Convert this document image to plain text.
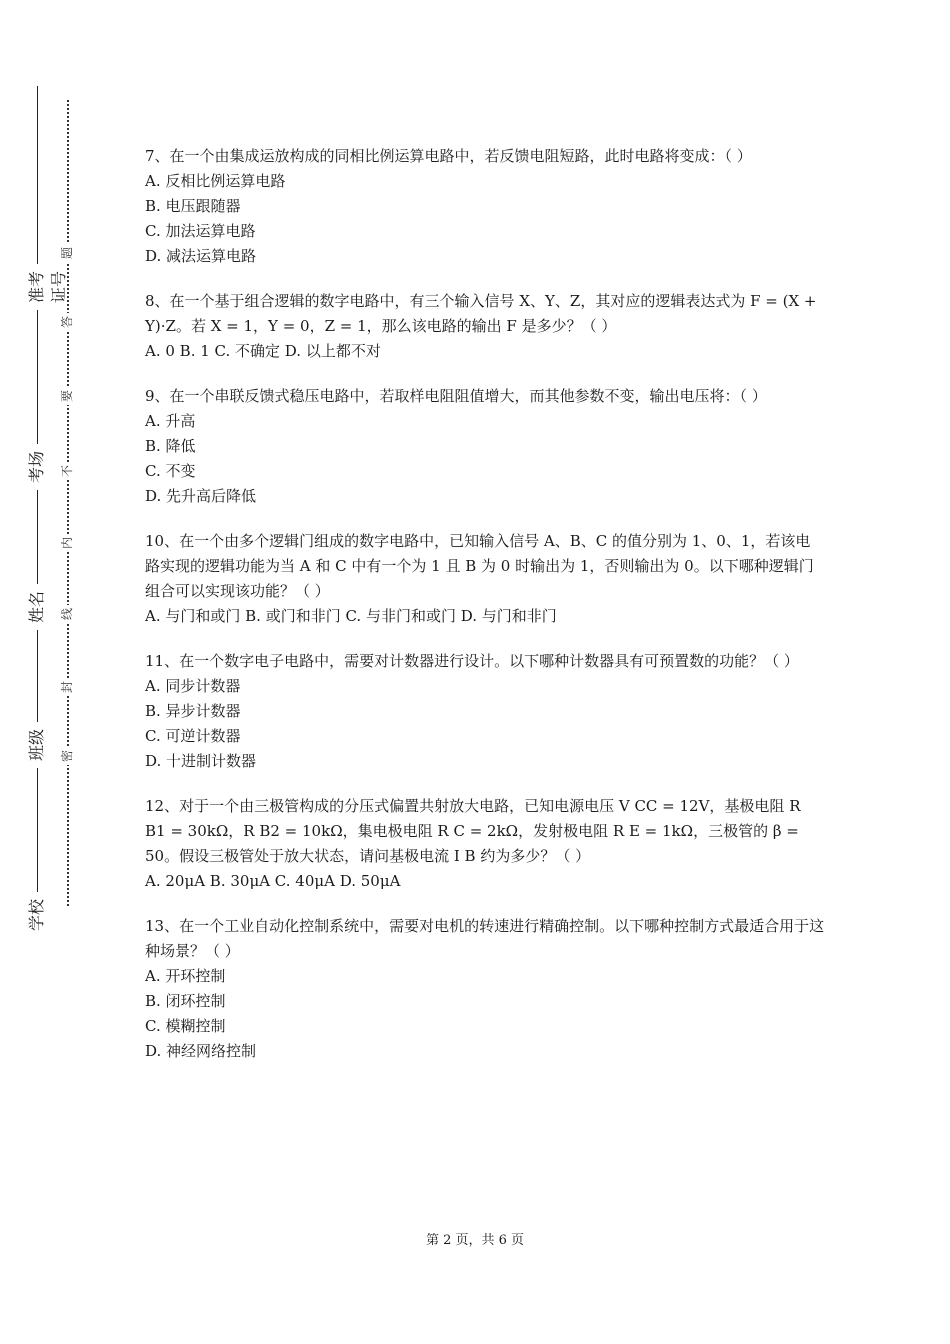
准考证号
考场
姓名
班级
学校
题
答
要
不
内
线
封
密

7、在一个由集成运放构成的同相比例运算电路中，若反馈电阻短路，此时电路将变成：（ ）

A. 反相比例运算电路

B. 电压跟随器

C. 加法运算电路

D. 减法运算电路

8、在一个基于组合逻辑的数字电路中，有三个输入信号 X、Y、Z，其对应的逻辑表达式为 F = (X + Y)·Z。若 X = 1，Y = 0，Z = 1，那么该电路的输出 F 是多少？（ ）

A. 0 B. 1 C. 不确定 D. 以上都不对

9、在一个串联反馈式稳压电路中，若取样电阻阻值增大，而其他参数不变，输出电压将：（ ）

A. 升高

B. 降低

C. 不变

D. 先升高后降低

10、在一个由多个逻辑门组成的数字电路中，已知输入信号 A、B、C 的值分别为 1、0、1，若该电路实现的逻辑功能为当 A 和 C 中有一个为 1 且 B 为 0 时输出为 1，否则输出为 0。以下哪种逻辑门组合可以实现该功能？（ ）

A. 与门和或门 B. 或门和非门 C. 与非门和或门 D. 与门和非门

11、在一个数字电子电路中，需要对计数器进行设计。以下哪种计数器具有可预置数的功能？（ ）

A. 同步计数器

B. 异步计数器

C. 可逆计数器

D. 十进制计数器

12、对于一个由三极管构成的分压式偏置共射放大电路，已知电源电压 V CC = 12V，基极电阻 R B1 = 30kΩ，R B2 = 10kΩ，集电极电阻 R C = 2kΩ，发射极电阻 R E = 1kΩ，三极管的 β = 50。假设三极管处于放大状态，请问基极电流 I B 约为多少？（ ）

A. 20μA B. 30μA C. 40μA D. 50μA

13、在一个工业自动化控制系统中，需要对电机的转速进行精确控制。以下哪种控制方式最适合用于这种场景？（ ）

A. 开环控制

B. 闭环控制

C. 模糊控制

D. 神经网络控制

第 2 页，共 6 页
